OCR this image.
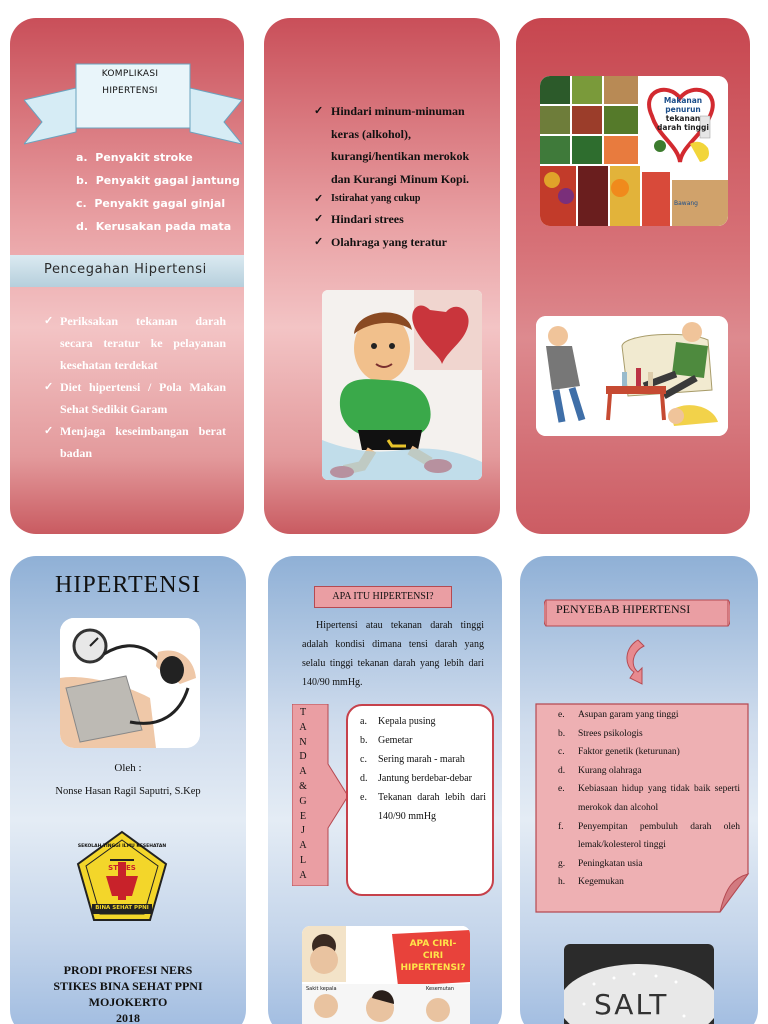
KOMPLIKASI
HIPERTENSI
a. Penyakit stroke
b. Penyakit gagal jantung
c. Penyakit gagal ginjal
d. Kerusakan pada mata
Pencegahan Hipertensi
✓ Periksakan tekanan darah secara teratur ke pelayanan kesehatan terdekat
✓ Diet hipertensi / Pola Makan Sehat Sedikit Garam
✓ Menjaga keseimbangan berat badan
✓ Hindari minum-minuman keras (alkohol), kurangi/hentikan merokok dan Kurangi Minum Kopi.
✓ Istirahat yang cukup
✓ Hindari strees
✓ Olahraga yang teratur
Makanan
penurun
tekanan
darah tinggi
Bawang
HIPERTENSI
Oleh :
Nonse Hasan Ragil Saputri, S.Kep
SEKOLAH TINGGI ILMU KESEHATAN
STIKES
BINA SEHAT PPNI
PRODI PROFESI NERS
STIKES BINA SEHAT PPNI
MOJOKERTO
2018
APA ITU HIPERTENSI?
Hipertensi atau tekanan darah tinggi adalah kondisi dimana tensi darah yang selalu tinggi tekanan darah yang lebih dari 140/90 mmHg.
T
A
N
D
A
&
G
E
J
A
L
A
a.	Kepala pusing
b.	Gemetar
c.	Sering marah - marah
d.	Jantung berdebar-debar
e.	Tekanan darah lebih dari 140/90 mmHg
APA CIRI-
CIRI
HIPERTENSI?
Sakit kepala	Kesemutan
PENYEBAB HIPERTENSI
e.	Asupan garam yang tinggi
b.	Strees psikologis
c.	Faktor genetik (keturunan)
d.	Kurang olahraga
e.	Kebiasaan hidup yang tidak baik seperti merokok dan alcohol
f.	Penyempitan pembuluh darah oleh lemak/kolesterol tinggi
g.	Peningkatan usia
h.	Kegemukan
SALT
